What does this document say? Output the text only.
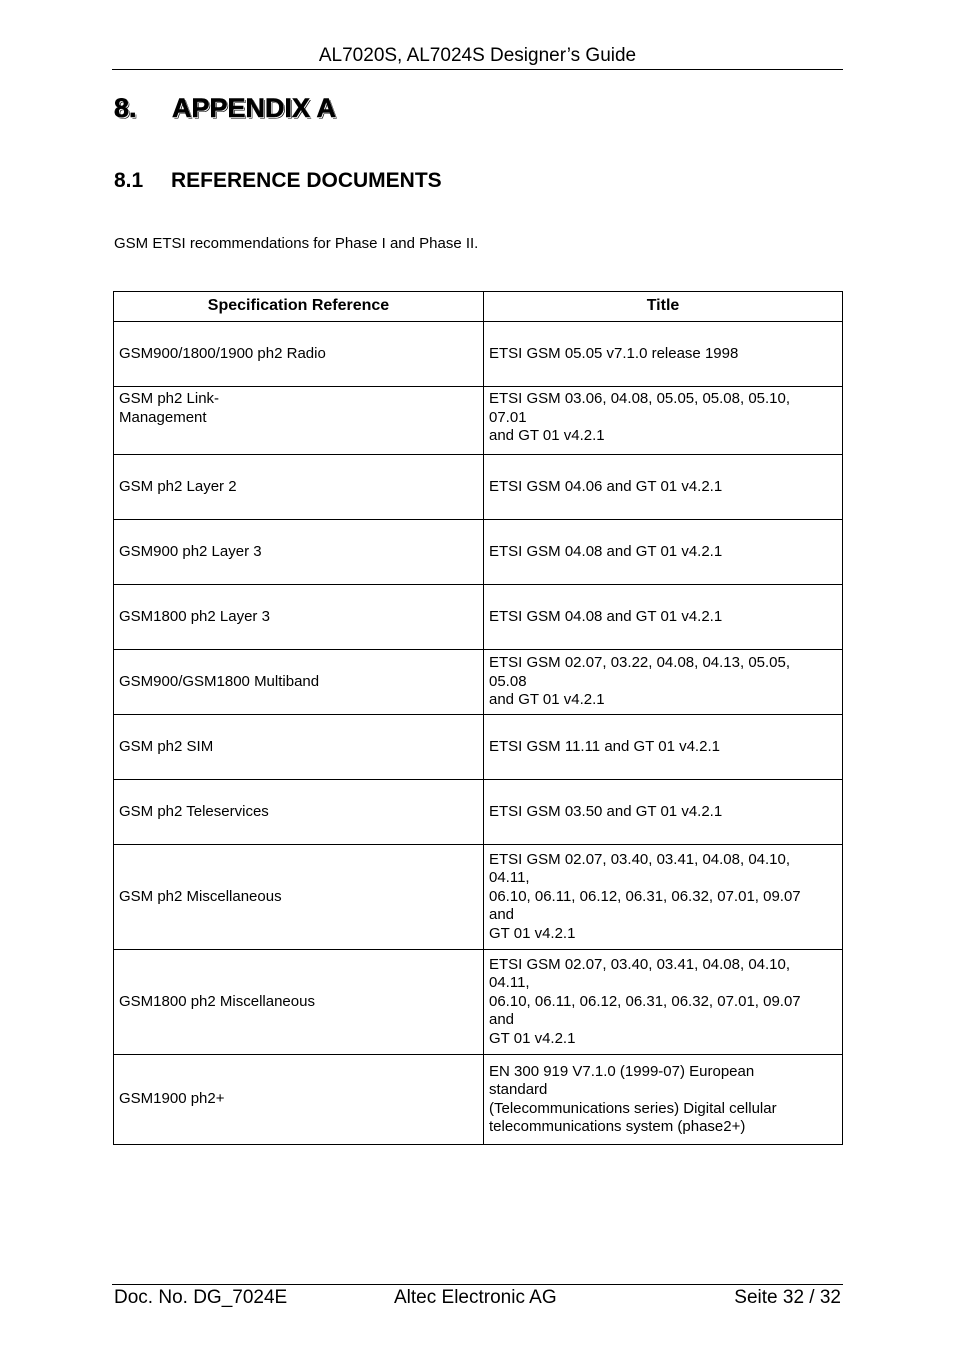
AL7020S, AL7024S Designer’s Guide
8. APPENDIX A
8.1 REFERENCE DOCUMENTS

GSM ETSI recommendations for Phase I and Phase II.

Specification Reference	Title
GSM900/1800/1900 ph2 Radio	ETSI GSM 05.05 v7.1.0 release 1998
GSM ph2 Link-
Management	ETSI GSM 03.06, 04.08, 05.05, 05.08, 05.10,
07.01
and GT 01 v4.2.1
GSM ph2 Layer 2	ETSI GSM 04.06 and GT 01 v4.2.1
GSM900 ph2 Layer 3	ETSI GSM 04.08 and GT 01 v4.2.1
GSM1800 ph2 Layer 3	ETSI GSM 04.08 and GT 01 v4.2.1
GSM900/GSM1800 Multiband	ETSI GSM 02.07, 03.22, 04.08, 04.13, 05.05,
05.08
and GT 01 v4.2.1
GSM ph2 SIM	ETSI GSM 11.11 and GT 01 v4.2.1
GSM ph2 Teleservices	ETSI GSM 03.50 and GT 01 v4.2.1
GSM ph2 Miscellaneous	ETSI GSM 02.07, 03.40, 03.41, 04.08, 04.10,
04.11,
06.10, 06.11, 06.12, 06.31, 06.32, 07.01, 09.07
and
GT 01 v4.2.1
GSM1800 ph2 Miscellaneous	ETSI GSM 02.07, 03.40, 03.41, 04.08, 04.10,
04.11,
06.10, 06.11, 06.12, 06.31, 06.32, 07.01, 09.07
and
GT 01 v4.2.1
GSM1900 ph2+	EN 300 919 V7.1.0 (1999-07) European
standard
(Telecommunications series) Digital cellular
telecommunications system (phase2+)
Doc. No. DG_7024E	Altec Electronic AG	Seite 32 / 32
